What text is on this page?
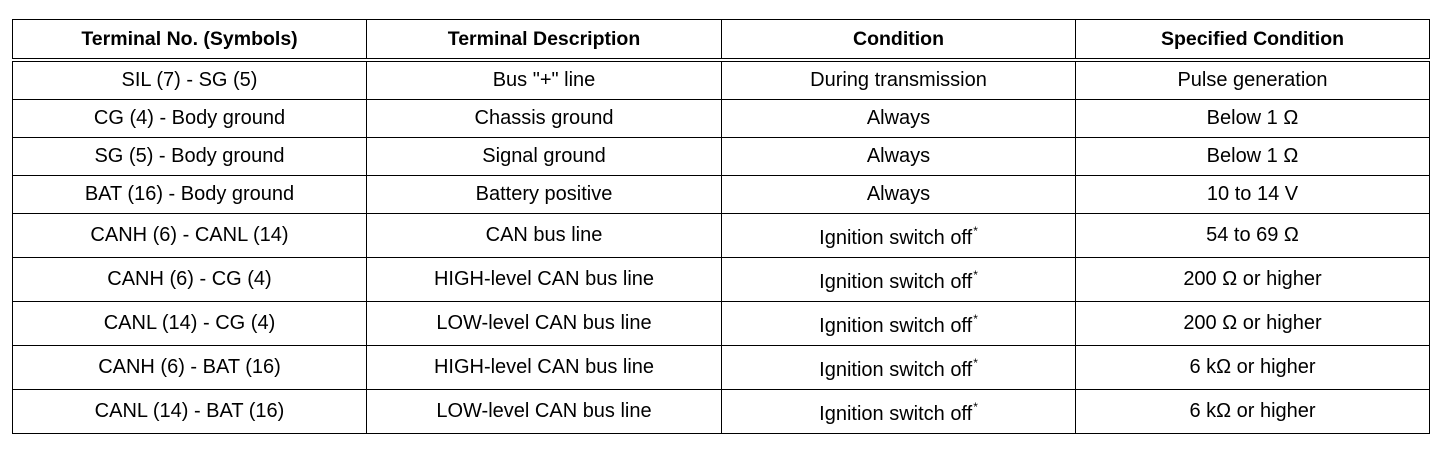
Terminal No. (Symbols)	Terminal Description	Condition	Specified Condition
SIL (7) - SG (5)	Bus "+" line	During transmission	Pulse generation
CG (4) - Body ground	Chassis ground	Always	Below 1 Ω
SG (5) - Body ground	Signal ground	Always	Below 1 Ω
BAT (16) - Body ground	Battery positive	Always	10 to 14 V
CANH (6) - CANL (14)	CAN bus line	Ignition switch off*	54 to 69 Ω
CANH (6) - CG (4)	HIGH-level CAN bus line	Ignition switch off*	200 Ω or higher
CANL (14) - CG (4)	LOW-level CAN bus line	Ignition switch off*	200 Ω or higher
CANH (6) - BAT (16)	HIGH-level CAN bus line	Ignition switch off*	6 kΩ or higher
CANL (14) - BAT (16)	LOW-level CAN bus line	Ignition switch off*	6 kΩ or higher
